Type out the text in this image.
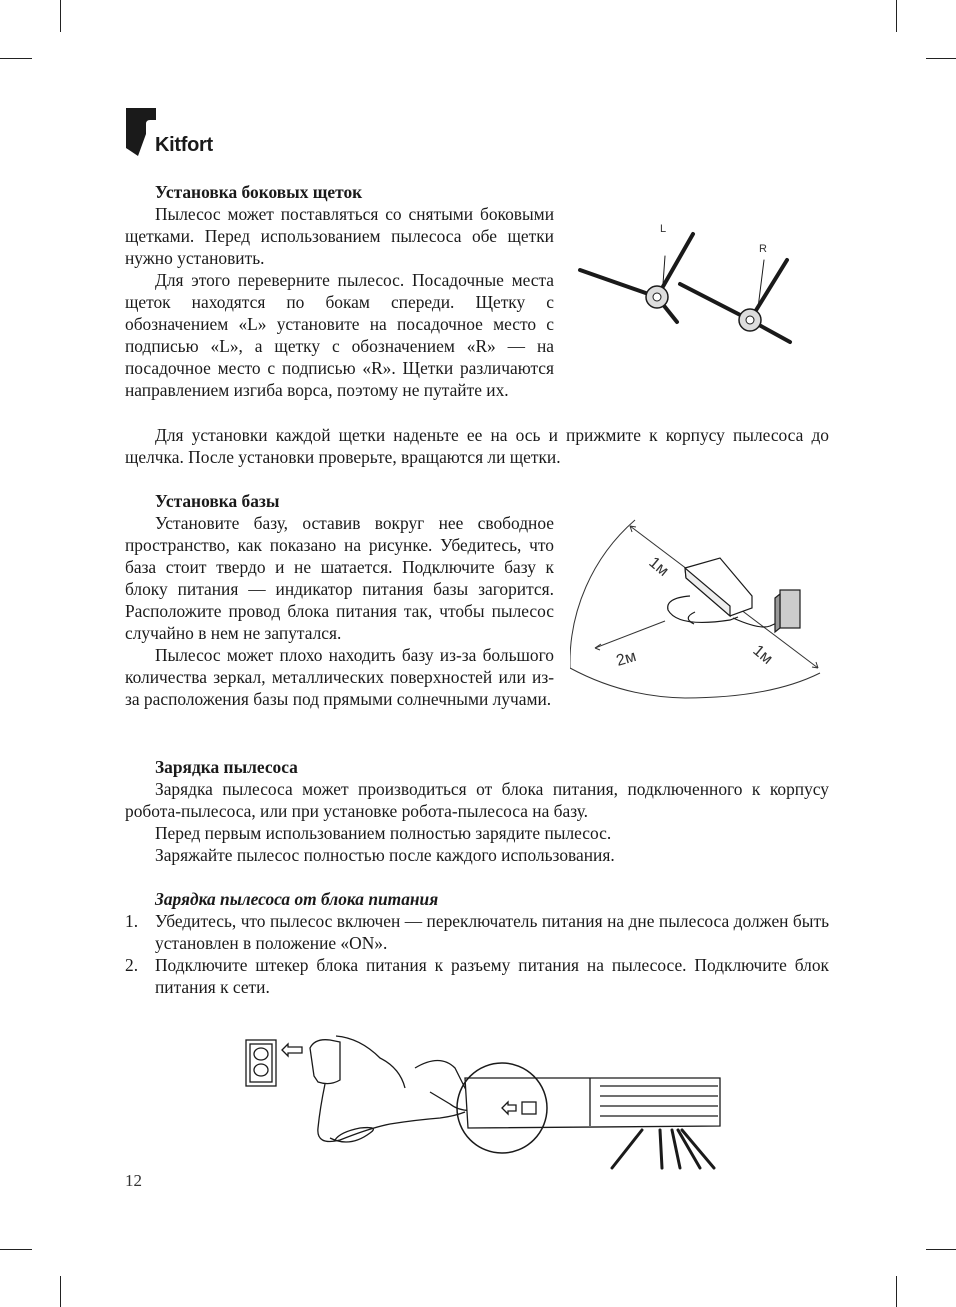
Kitfort
Установка боковых щеток

Пылесос может поставляться со снятыми боковыми щетками. Перед использованием пылесоса обе щетки нужно установить.

Для этого переверните пылесос. Посадочные места щеток находятся по бокам спереди. Щетку с обозначением «L» установите на посадочное место с подписью «L», а щетку с обозначением «R» — на посадочное место с подписью «R». Щетки различаются направлением изгиба ворса, поэтому не путайте их.

Для установки каждой щетки наденьте ее на ось и прижмите к корпусу пылесоса до щелчка. После установки проверьте, вращаются ли щетки.

L
R
Установка базы

Установите базу, оставив вокруг нее свободное пространство, как показано на рисунке. Убедитесь, что база стоит твердо и не шатается. Подключите базу к блоку питания — индикатор питания базы загорится. Расположите провод блока питания так, чтобы пылесос случайно в нем не запутался.

Пылесос может плохо находить базу из-за большого количества зеркал, металлических поверхностей или из-за расположения базы под прямыми солнечными лучами.

1м
2м	1м
Зарядка пылесоса

Зарядка пылесоса может производиться от блока питания, подключенного к корпусу робота-пылесоса, или при установке робота-пылесоса на базу.

Перед первым использованием полностью зарядите пылесос.

Заряжайте пылесос полностью после каждого использования.

Зарядка пылесоса от блока питания
1. Убедитесь, что пылесос включен — переключатель питания на дне пылесоса должен быть установлен в положение «ON».
2. Подключите штекер блока питания к разъему питания на пылесосе. Подключите блок питания к сети.
12
